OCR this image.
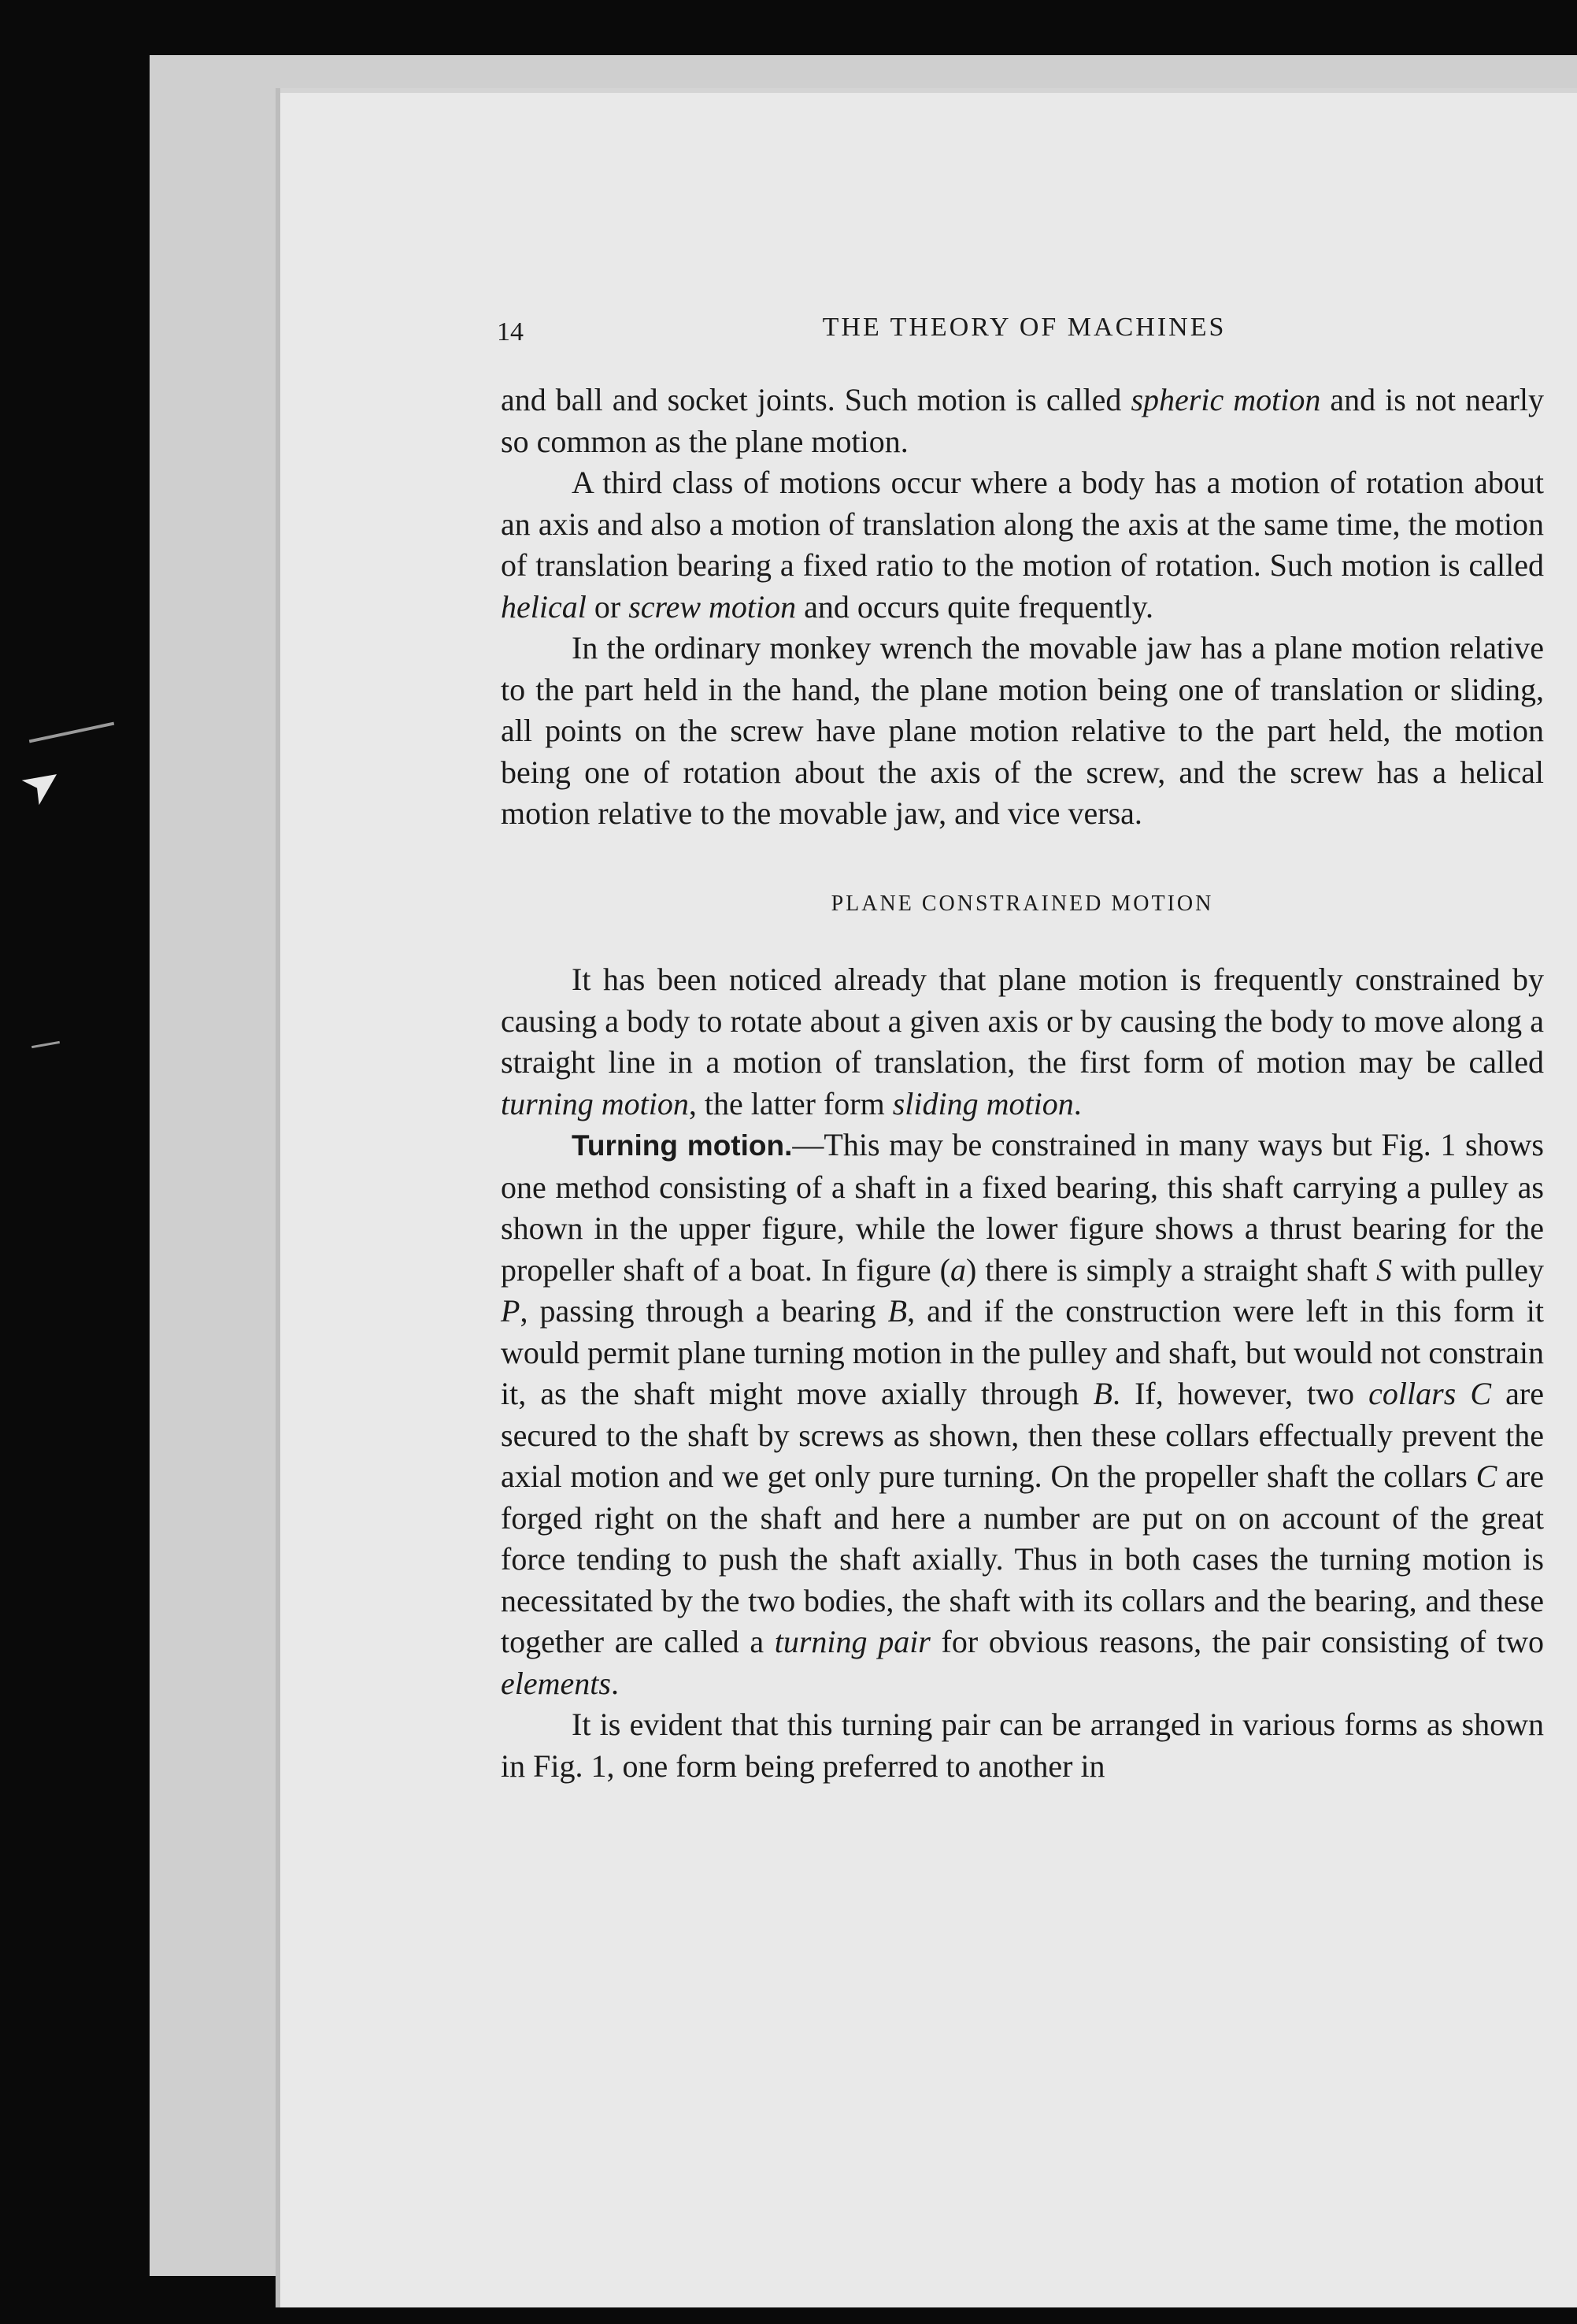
➤
14	THE THEORY OF MACHINES

and ball and socket joints. Such motion is called spheric motion and is not nearly so common as the plane motion.

A third class of motions occur where a body has a motion of rotation about an axis and also a motion of translation along the axis at the same time, the motion of translation bearing a fixed ratio to the motion of rotation. Such motion is called helical or screw motion and occurs quite frequently.

In the ordinary monkey wrench the movable jaw has a plane motion relative to the part held in the hand, the plane motion being one of translation or sliding, all points on the screw have plane motion relative to the part held, the motion being one of rotation about the axis of the screw, and the screw has a helical motion relative to the movable jaw, and vice versa.

PLANE CONSTRAINED MOTION

It has been noticed already that plane motion is frequently constrained by causing a body to rotate about a given axis or by causing the body to move along a straight line in a motion of translation, the first form of motion may be called turning motion, the latter form sliding motion.

Turning motion.—This may be constrained in many ways but Fig. 1 shows one method consisting of a shaft in a fixed bearing, this shaft carrying a pulley as shown in the upper figure, while the lower figure shows a thrust bearing for the propeller shaft of a boat. In figure (a) there is simply a straight shaft S with pulley P, passing through a bearing B, and if the construction were left in this form it would permit plane turning motion in the pulley and shaft, but would not constrain it, as the shaft might move axially through B. If, however, two collars C are secured to the shaft by screws as shown, then these collars effectually prevent the axial motion and we get only pure turning. On the propeller shaft the collars C are forged right on the shaft and here a number are put on on account of the great force tending to push the shaft axially. Thus in both cases the turning motion is necessitated by the two bodies, the shaft with its collars and the bearing, and these together are called a turning pair for obvious reasons, the pair consisting of two elements.

It is evident that this turning pair can be arranged in various forms as shown in Fig. 1, one form being preferred to another in
